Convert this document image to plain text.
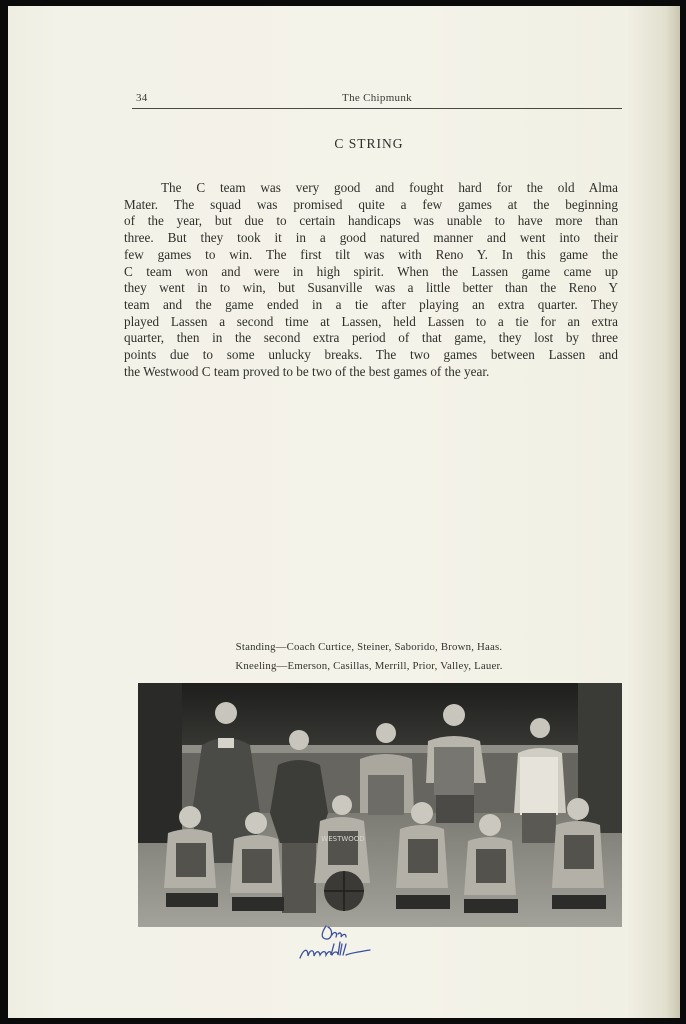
34	The Chipmunk
C STRING
The C team was very good and fought hard for the old Alma
Mater. The squad was promised quite a few games at the beginning
of the year, but due to certain handicaps was unable to have more than
three. But they took it in a good natured manner and went into their
few games to win. The first tilt was with Reno Y. In this game the
C team won and were in high spirit. When the Lassen game came up
they went in to win, but Susanville was a little better than the Reno Y
team and the game ended in a tie after playing an extra quarter. They
played Lassen a second time at Lassen, held Lassen to a tie for an extra
quarter, then in the second extra period of that game, they lost by three
points due to some unlucky breaks. The two games between Lassen and
the Westwood C team proved to be two of the best games of the year.
Standing—Coach Curtice, Steiner, Saborido, Brown, Haas.
Kneeling—Emerson, Casillas, Merrill, Prior, Valley, Lauer.
WESTWOOD
